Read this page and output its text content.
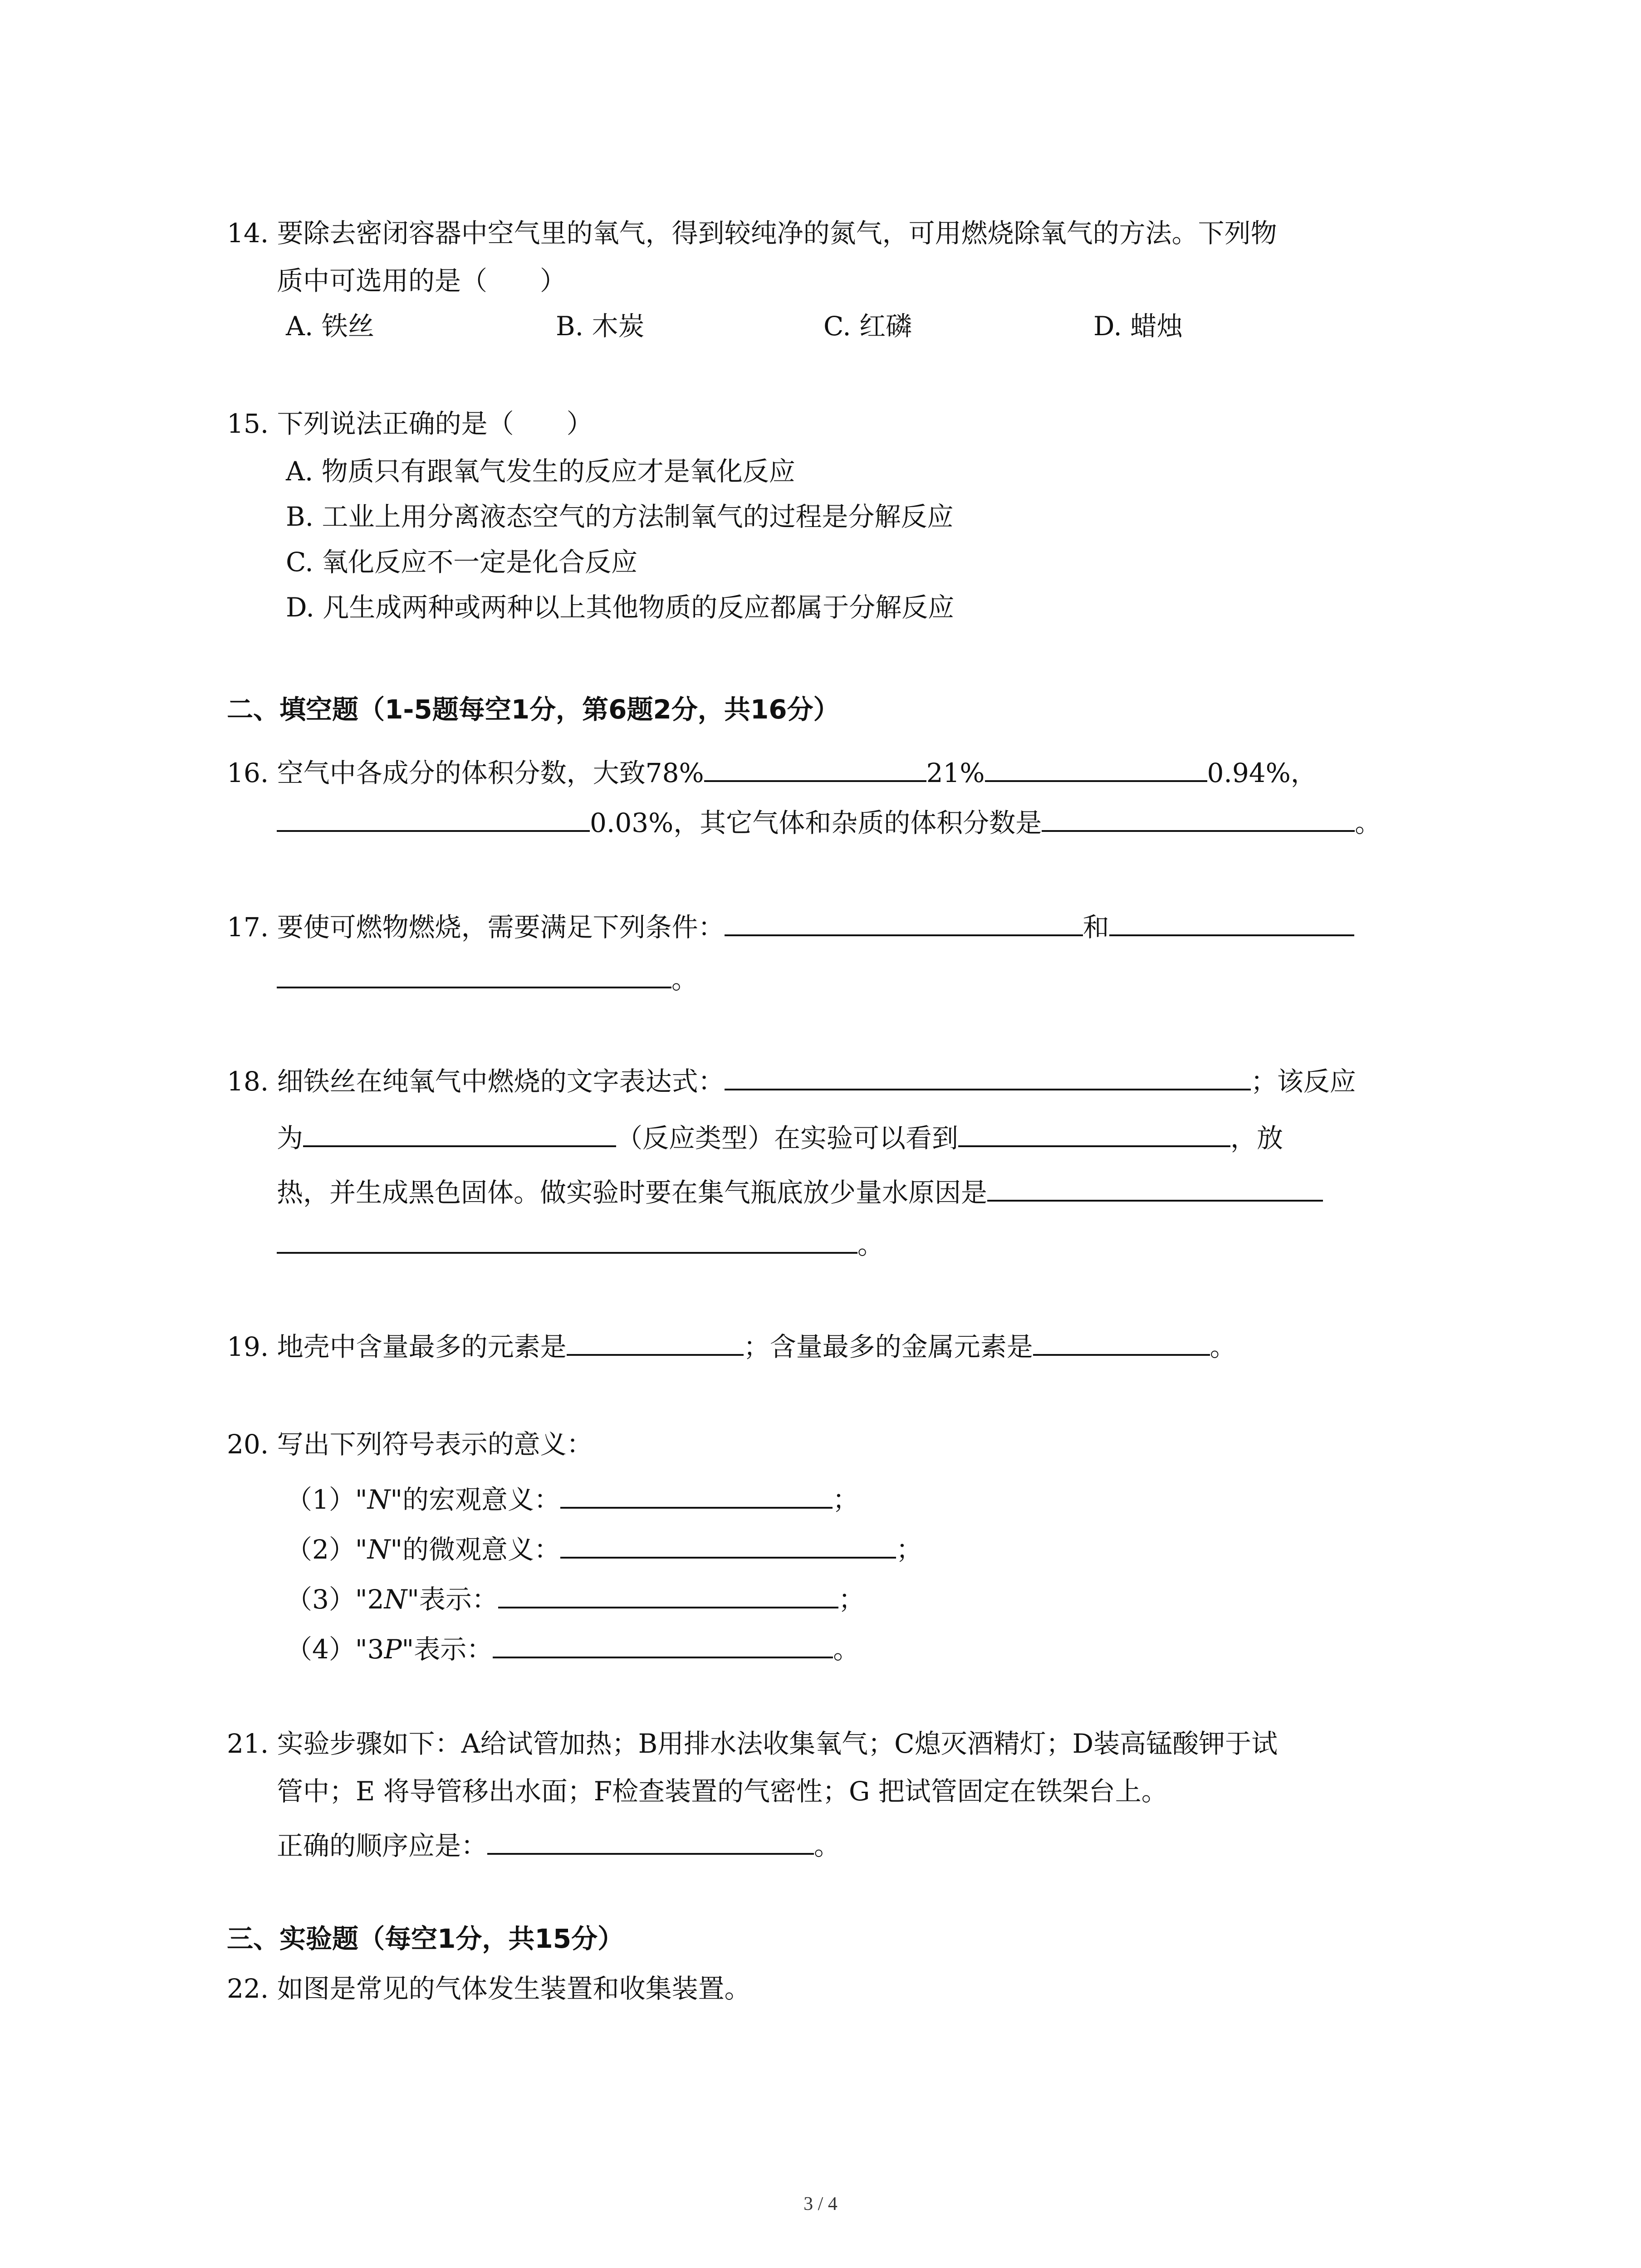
14. 要除去密闭容器中空气里的氧气，得到较纯净的氮气，可用燃烧除氧气的方法。下列物
质中可选用的是（　　）
A. 铁丝	B. 木炭	C. 红磷	D. 蜡烛
15. 下列说法正确的是（　　）
A. 物质只有跟氧气发生的反应才是氧化反应
B. 工业上用分离液态空气的方法制氧气的过程是分解反应
C. 氧化反应不一定是化合反应
D. 凡生成两种或两种以上其他物质的反应都属于分解反应
二、填空题（1-5题每空1分，第6题2分，共16分）
16. 空气中各成分的体积分数，大致78%	21%	0.94%，
0.03%，其它气体和杂质的体积分数是	。
17. 要使可燃物燃烧，需要满足下列条件：	和
。
18. 细铁丝在纯氧气中燃烧的文字表达式：	；该反应
为	（反应类型）在实验可以看到	，放
热，并生成黑色固体。做实验时要在集气瓶底放少量水原因是
。
19. 地壳中含量最多的元素是	；含量最多的金属元素是	。
20. 写出下列符号表示的意义：
（1）"N"的宏观意义：	；
（2）"N"的微观意义：	；
（3）"2N"表示：	；
（4）"3P"表示：	。
21. 实验步骤如下：A给试管加热；B用排水法收集氧气；C熄灭酒精灯；D装高锰酸钾于试
管中；E 将导管移出水面；F检查装置的气密性；G 把试管固定在铁架台上。
正确的顺序应是：	。
三、实验题（每空1分，共15分）
22. 如图是常见的气体发生装置和收集装置。
3 / 4
